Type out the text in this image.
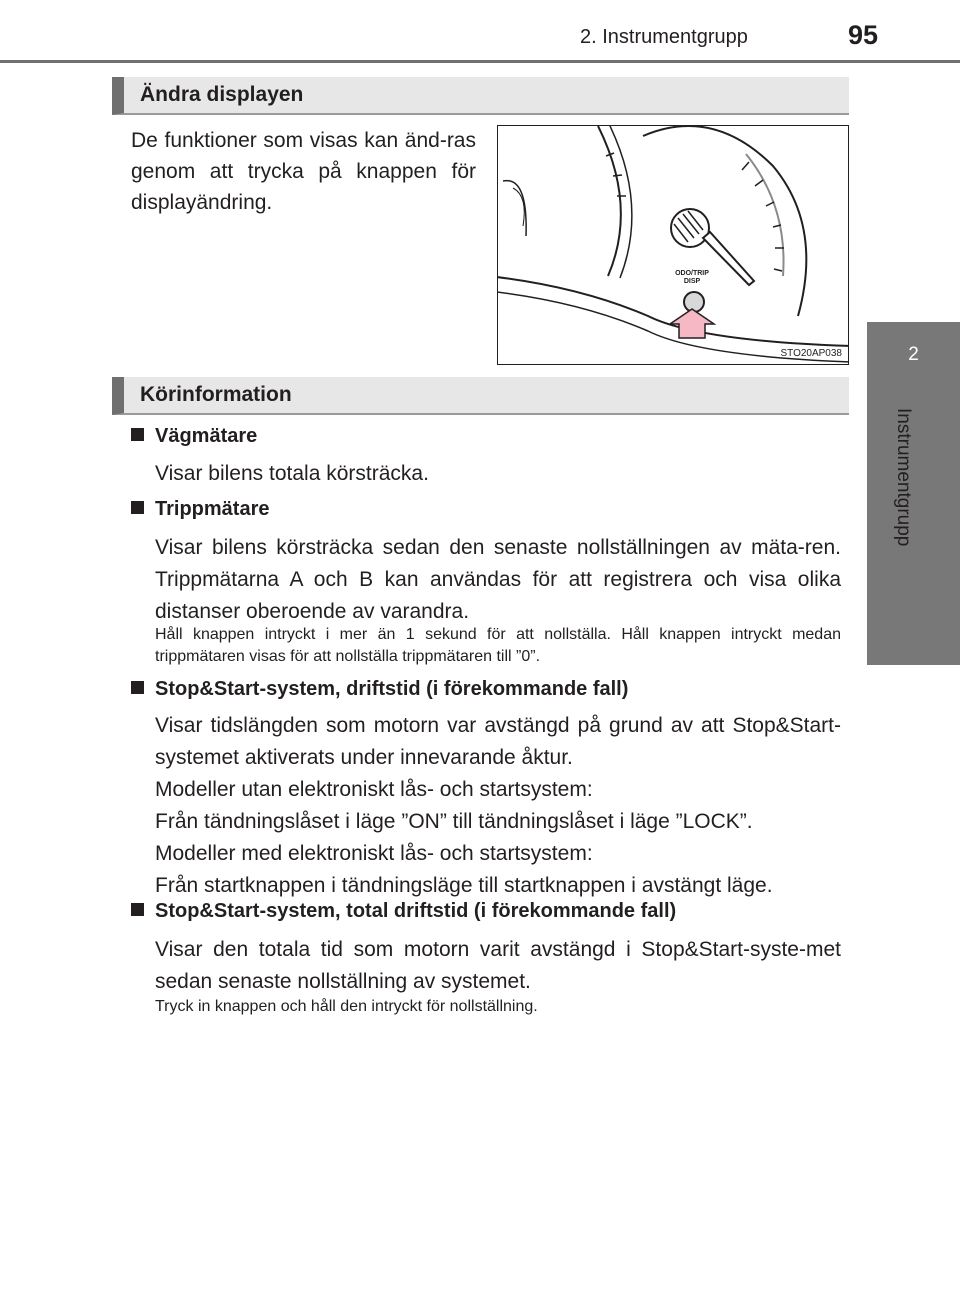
2. Instrumentgrupp	95
2
Instrumentgrupp
Ändra displayen
De funktioner som visas kan änd-ras genom att trycka på knappen för displayändring.
ODO/TRIP
DISP
STO20AP038
Körinformation
Vägmätare
Visar bilens totala körsträcka.
Trippmätare
Visar bilens körsträcka sedan den senaste nollställningen av mäta-ren. Trippmätarna A och B kan användas för att registrera och visa olika distanser oberoende av varandra.
Håll knappen intryckt i mer än 1 sekund för att nollställa. Håll knappen intryckt medan trippmätaren visas för att nollställa trippmätaren till ”0”.
Stop&Start-system, driftstid (i förekommande fall)
Visar tidslängden som motorn var avstängd på grund av att Stop&Start-systemet aktiverats under innevarande åktur.
Modeller utan elektroniskt lås- och startsystem:
Från tändningslåset i läge ”ON” till tändningslåset i läge ”LOCK”.
Modeller med elektroniskt lås- och startsystem:
Från startknappen i tändningsläge till startknappen i avstängt läge.
Stop&Start-system, total driftstid (i förekommande fall)
Visar den totala tid som motorn varit avstängd i Stop&Start-syste-met sedan senaste nollställning av systemet.
Tryck in knappen och håll den intryckt för nollställning.
